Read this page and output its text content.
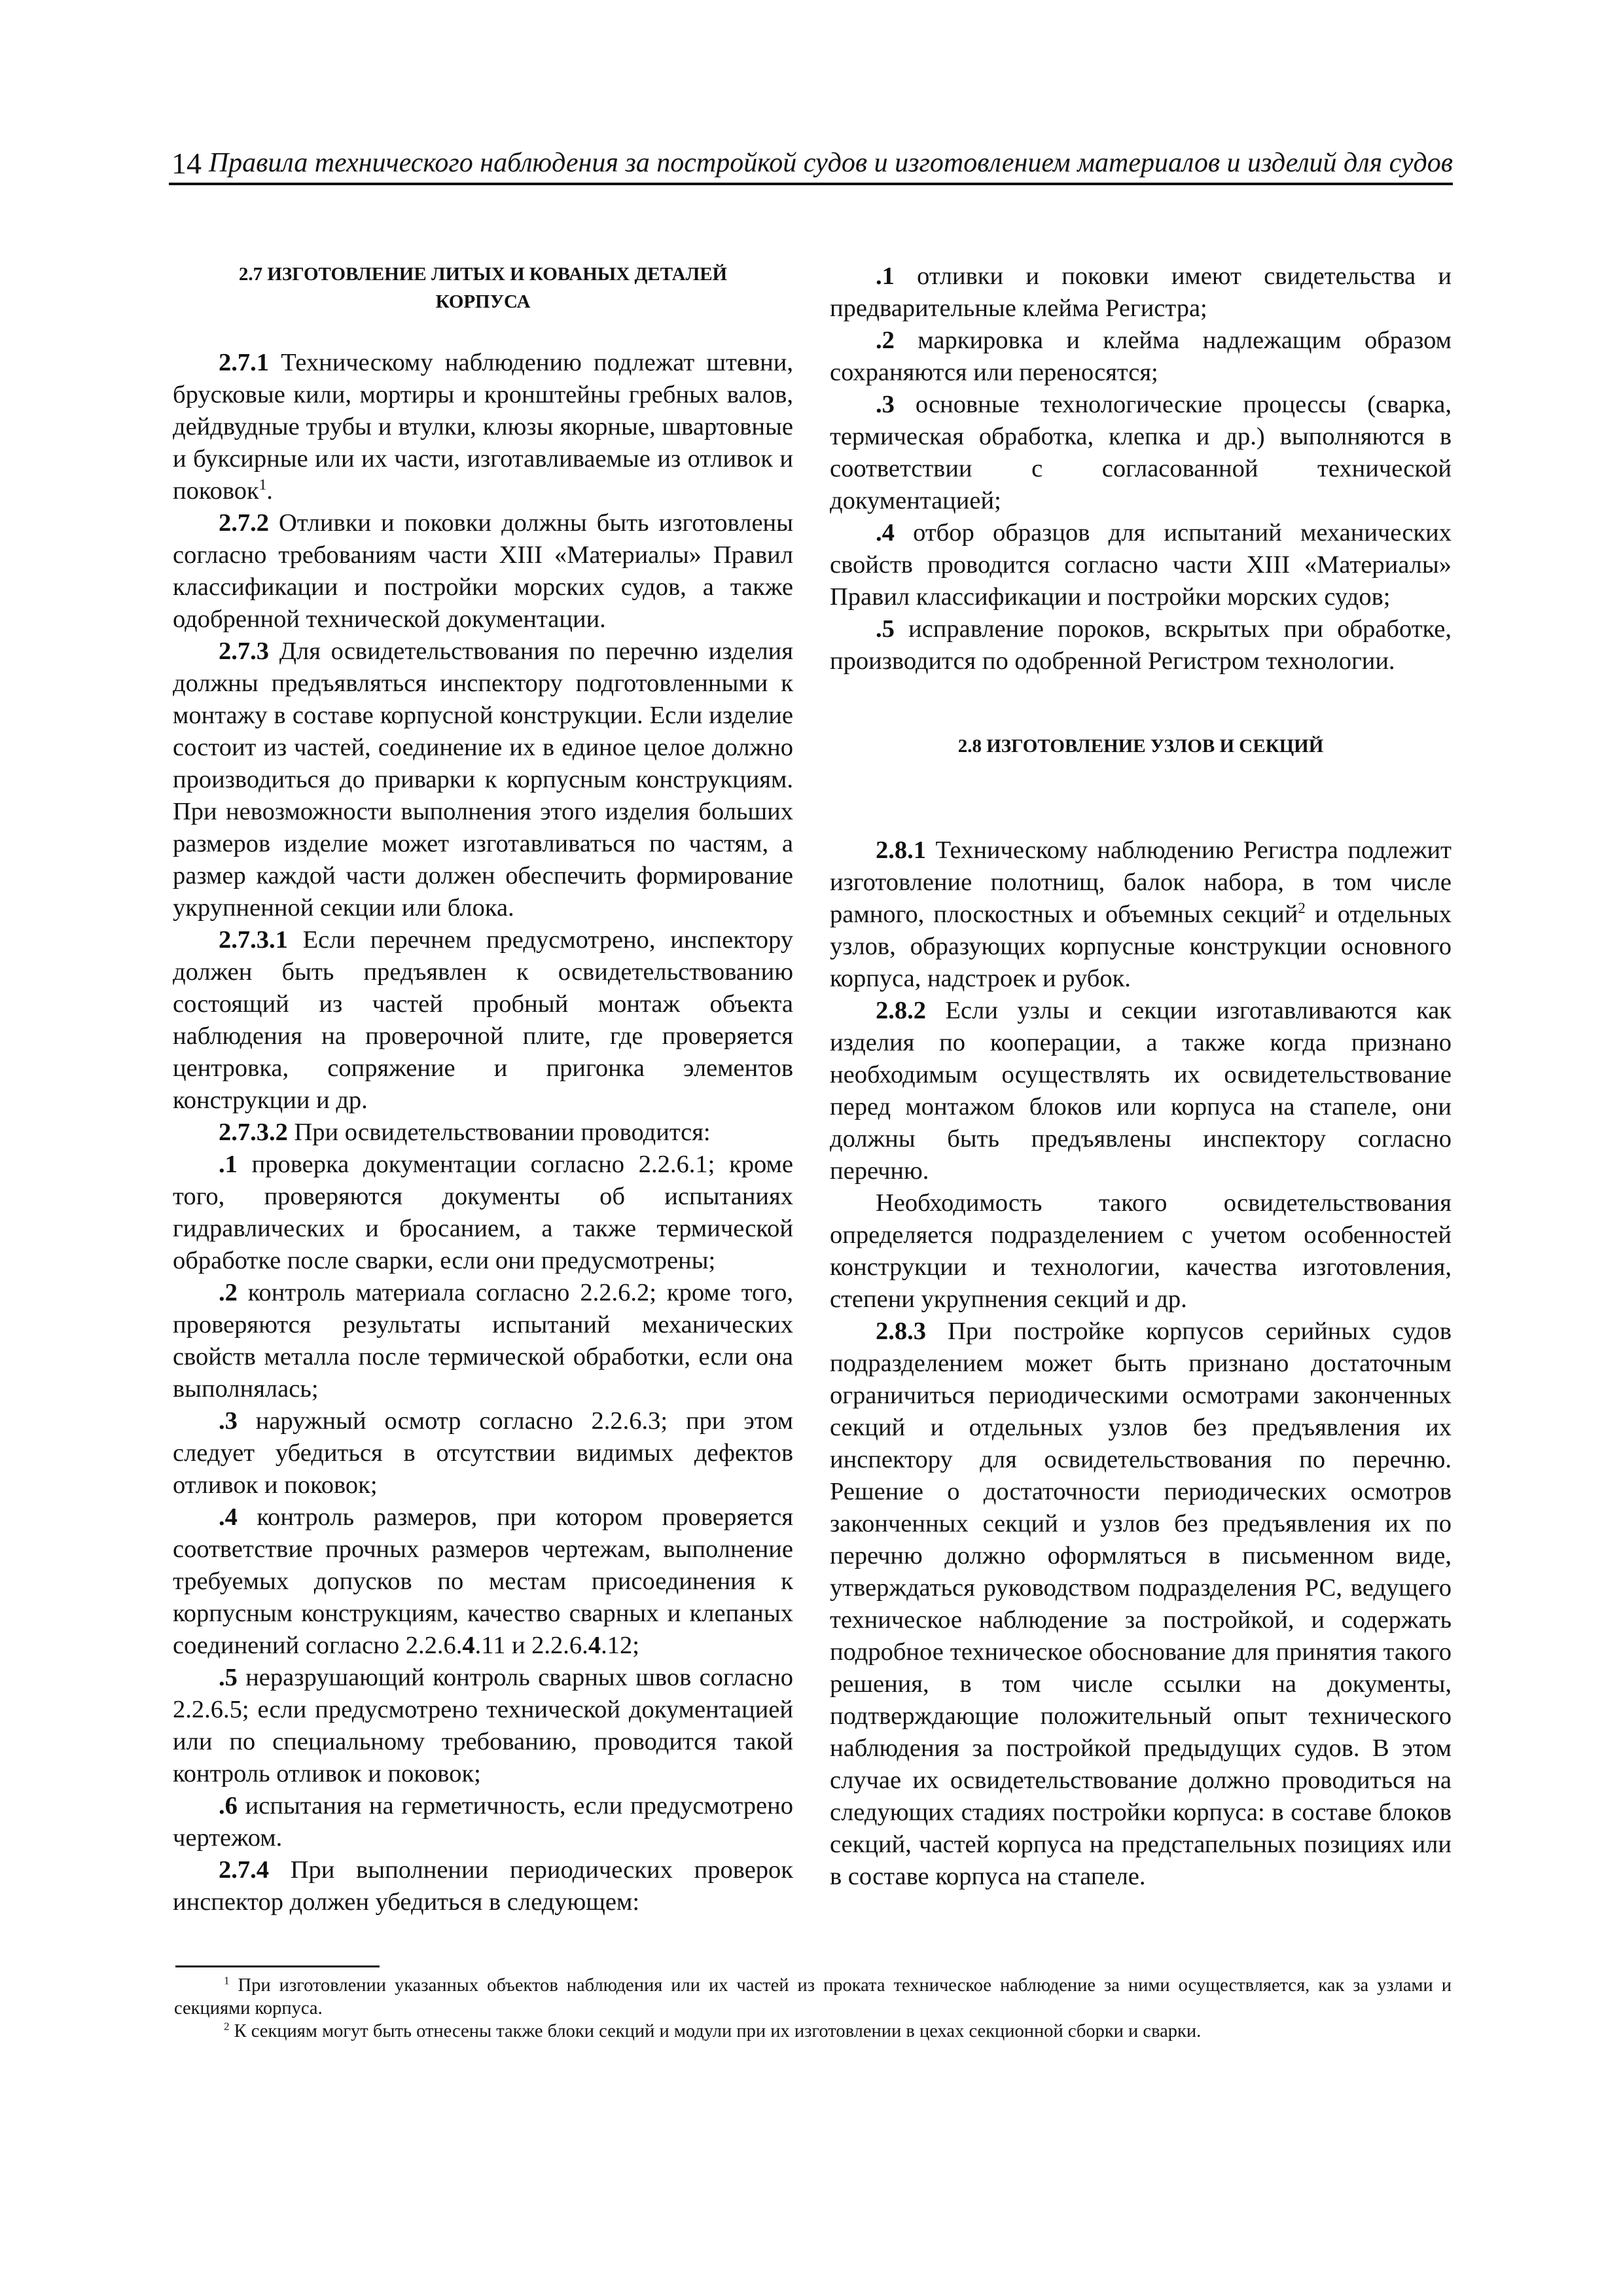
14 Правила технического наблюдения за постройкой судов и изготовлением материалов и изделий для судов
2.7 ИЗГОТОВЛЕНИЕ ЛИТЫХ И КОВАНЫХ ДЕТАЛЕЙ КОРПУСА

2.7.1 Техническому наблюдению подлежат штевни, брусковые кили, мортиры и кронштейны гребных валов, дейдвудные трубы и втулки, клюзы якорные, швартовные и буксирные или их части, изготавливаемые из отливок и поковок$^1$.

2.7.2 Отливки и поковки должны быть изготовлены согласно требованиям части XIII «Материалы» Правил классификации и постройки морских судов, а также одобренной технической документации.

2.7.3 Для освидетельствования по перечню изделия должны предъявляться инспектору подготовленными к монтажу в составе корпусной конструкции. Если изделие состоит из частей, соединение их в единое целое должно производиться до приварки к корпусным конструкциям. При невозможности выполнения этого изделия больших размеров изделие может изготавливаться по частям, а размер каждой части должен обеспечить формирование укрупненной секции или блока.

2.7.3.1 Если перечнем предусмотрено, инспектору должен быть предъявлен к освидетельствованию состоящий из частей пробный монтаж объекта наблюдения на проверочной плите, где проверяется центровка, сопряжение и пригонка элементов конструкции и др.

2.7.3.2 При освидетельствовании проводится:

.1 проверка документации согласно 2.2.6.1; кроме того, проверяются документы об испытаниях гидравлических и бросанием, а также термической обработке после сварки, если они предусмотрены;

.2 контроль материала согласно 2.2.6.2; кроме того, проверяются результаты испытаний механических свойств металла после термической обработки, если она выполнялась;

.3 наружный осмотр согласно 2.2.6.3; при этом следует убедиться в отсутствии видимых дефектов отливок и поковок;

.4 контроль размеров, при котором проверяется соответствие прочных размеров чертежам, выполнение требуемых допусков по местам присоединения к корпусным конструкциям, качество сварных и клепаных соединений согласно 2.2.6.4.11 и 2.2.6.4.12;

.5 неразрушающий контроль сварных швов согласно 2.2.6.5; если предусмотрено технической документацией или по специальному требованию, проводится такой контроль отливок и поковок;

.6 испытания на герметичность, если предусмотрено чертежом.

2.7.4 При выполнении периодических проверок инспектор должен убедиться в следующем:

.1 отливки и поковки имеют свидетельства и предварительные клейма Регистра;

.2 маркировка и клейма надлежащим образом сохраняются или переносятся;

.3 основные технологические процессы (сварка, термическая обработка, клепка и др.) выполняются в соответствии с согласованной технической документацией;

.4 отбор образцов для испытаний механических свойств проводится согласно части XIII «Материалы» Правил классификации и постройки морских судов;

.5 исправление пороков, вскрытых при обработке, производится по одобренной Регистром технологии.

2.8 ИЗГОТОВЛЕНИЕ УЗЛОВ И СЕКЦИЙ

2.8.1 Техническому наблюдению Регистра подлежит изготовление полотнищ, балок набора, в том числе рамного, плоскостных и объемных секций$^2$ и отдельных узлов, образующих корпусные конструкции основного корпуса, надстроек и рубок.

2.8.2 Если узлы и секции изготавливаются как изделия по кооперации, а также когда признано необходимым осуществлять их освидетельствование перед монтажом блоков или корпуса на стапеле, они должны быть предъявлены инспектору согласно перечню.

Необходимость такого освидетельствования определяется подразделением с учетом особенностей конструкции и технологии, качества изготовления, степени укрупнения секций и др.

2.8.3 При постройке корпусов серийных судов подразделением может быть признано достаточным ограничиться периодическими осмотрами законченных секций и отдельных узлов без предъявления их инспектору для освидетельствования по перечню. Решение о достаточности периодических осмотров законченных секций и узлов без предъявления их по перечню должно оформляться в письменном виде, утверждаться руководством подразделения РС, ведущего техническое наблюдение за постройкой, и содержать подробное техническое обоснование для принятия такого решения, в том числе ссылки на документы, подтверждающие положительный опыт технического наблюдения за постройкой предыдущих судов. В этом случае их освидетельствование должно проводиться на следующих стадиях постройки корпуса: в составе блоков секций, частей корпуса на предстапельных позициях или в составе корпуса на стапеле.

$^1$ При изготовлении указанных объектов наблюдения или их частей из проката техническое наблюдение за ними осуществляется, как за узлами и секциями корпуса.

$^2$ К секциям могут быть отнесены также блоки секций и модули при их изготовлении в цехах секционной сборки и сварки.
